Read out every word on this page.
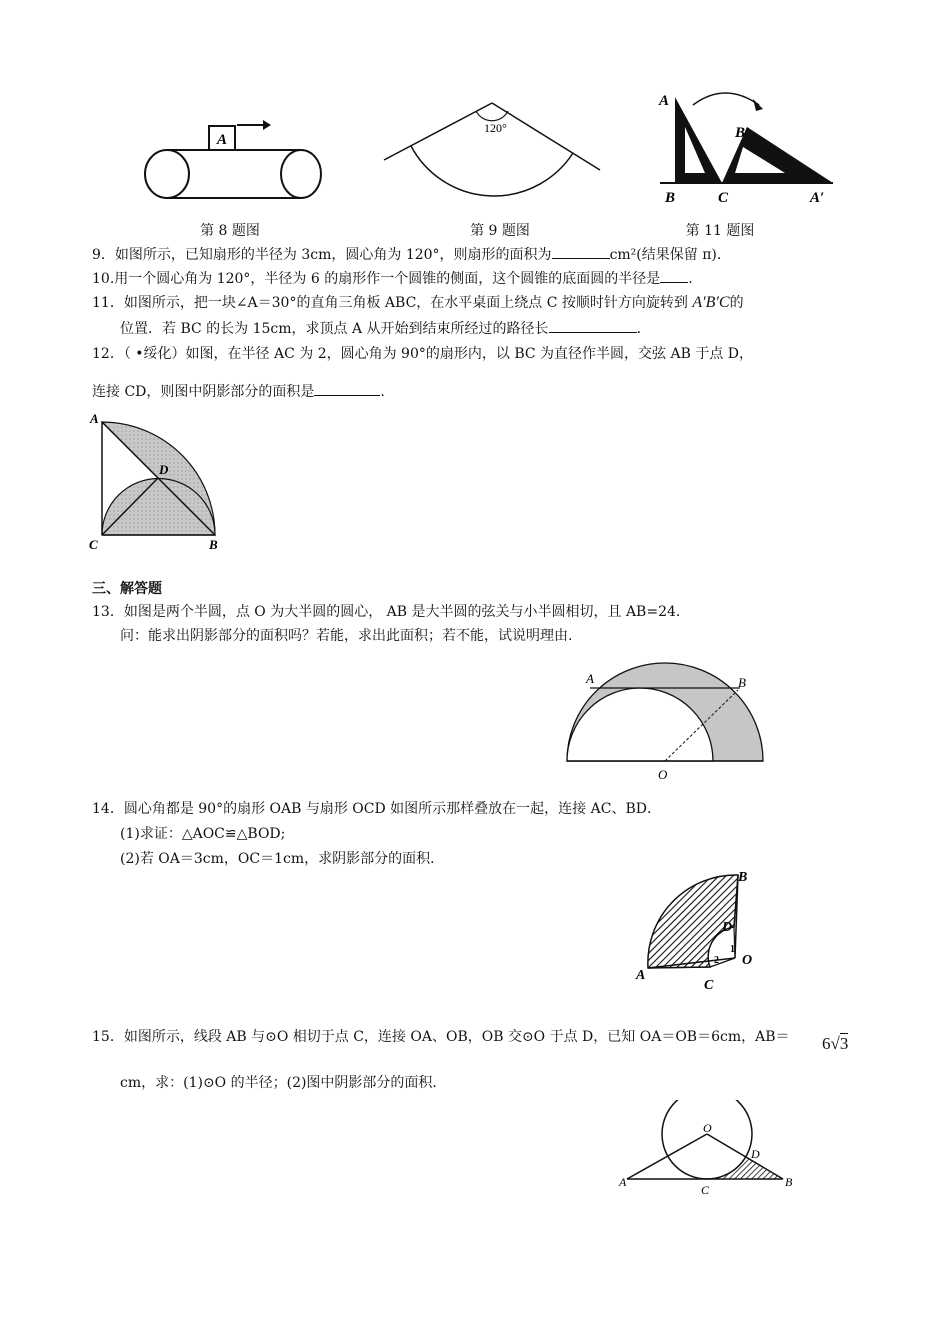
A
120°
A
B′
B	C	A′
第 8 题图	第 9 题图	第 11 题图
9．如图所示，已知扇形的半径为 3cm，圆心角为 120°，则扇形的面积为	cm²(结果保留 π)．
10.用一个圆心角为 120°，半径为 6 的扇形作一个圆锥的侧面，这个圆锥的底面圆的半径是 .
11．如图所示，把一块∠A＝30°的直角三角板 ABC，在水平桌面上绕点 C 按顺时针方向旋转到 A′B′C的
位置．若 BC 的长为 15cm，求顶点 A 从开始到结束所经过的路径长	.
12．（ •绥化）如图，在半径 AC 为 2，圆心角为 90°的扇形内，以 BC 为直径作半圆，交弦 AB 于点 D，
连接 CD，则图中阴影部分的面积是	.
A
D
C	B
三、解答题
13．如图是两个半圆，点 O 为大半圆的圆心， AB 是大半圆的弦关与小半圆相切，且 AB=24.
问：能求出阴影部分的面积吗？若能，求出此面积；若不能，试说明理由.
A	B
O
14．圆心角都是 90°的扇形 OAB 与扇形 OCD 如图所示那样叠放在一起，连接 AC、BD．
(1)求证：△AOC≌△BOD;
(2)若 OA＝3cm，OC＝1cm，求阴影部分的面积．
B
D
1
2 O
A
C
15．如图所示，线段 AB 与⊙O 相切于点 C，连接 OA、OB，OB 交⊙O 于点 D，已知 OA＝OB＝6cm，AB＝ 6√3
cm，求：(1)⊙O 的半径；(2)图中阴影部分的面积.
O
D
A
C
B
